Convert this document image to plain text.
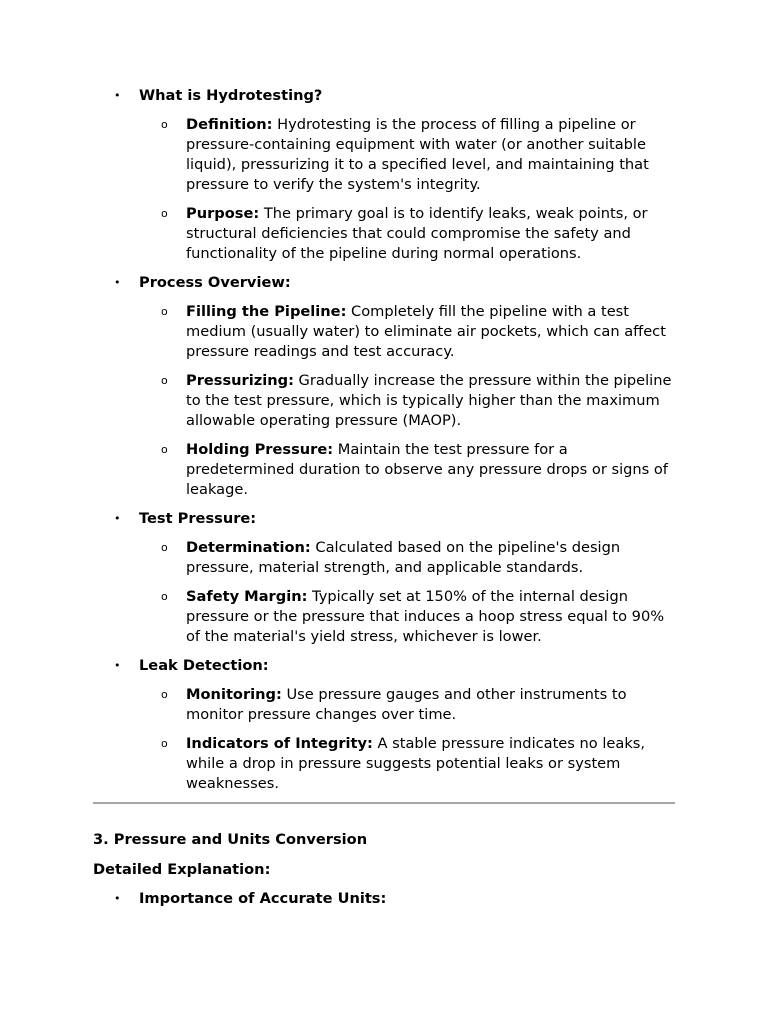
• What is Hydrotesting?
o Definition: Hydrotesting is the process of filling a pipeline or pressure-containing equipment with water (or another suitable liquid), pressurizing it to a specified level, and maintaining that pressure to verify the system's integrity.
o Purpose: The primary goal is to identify leaks, weak points, or structural deficiencies that could compromise the safety and functionality of the pipeline during normal operations.
• Process Overview:
o Filling the Pipeline: Completely fill the pipeline with a test medium (usually water) to eliminate air pockets, which can affect pressure readings and test accuracy.
o Pressurizing: Gradually increase the pressure within the pipeline to the test pressure, which is typically higher than the maximum allowable operating pressure (MAOP).
o Holding Pressure: Maintain the test pressure for a predetermined duration to observe any pressure drops or signs of leakage.
• Test Pressure:
o Determination: Calculated based on the pipeline's design pressure, material strength, and applicable standards.
o Safety Margin: Typically set at 150% of the internal design pressure or the pressure that induces a hoop stress equal to 90% of the material's yield stress, whichever is lower.
• Leak Detection:
o Monitoring: Use pressure gauges and other instruments to monitor pressure changes over time.
o Indicators of Integrity: A stable pressure indicates no leaks, while a drop in pressure suggests potential leaks or system weaknesses.
3. Pressure and Units Conversion
Detailed Explanation:
• Importance of Accurate Units:
